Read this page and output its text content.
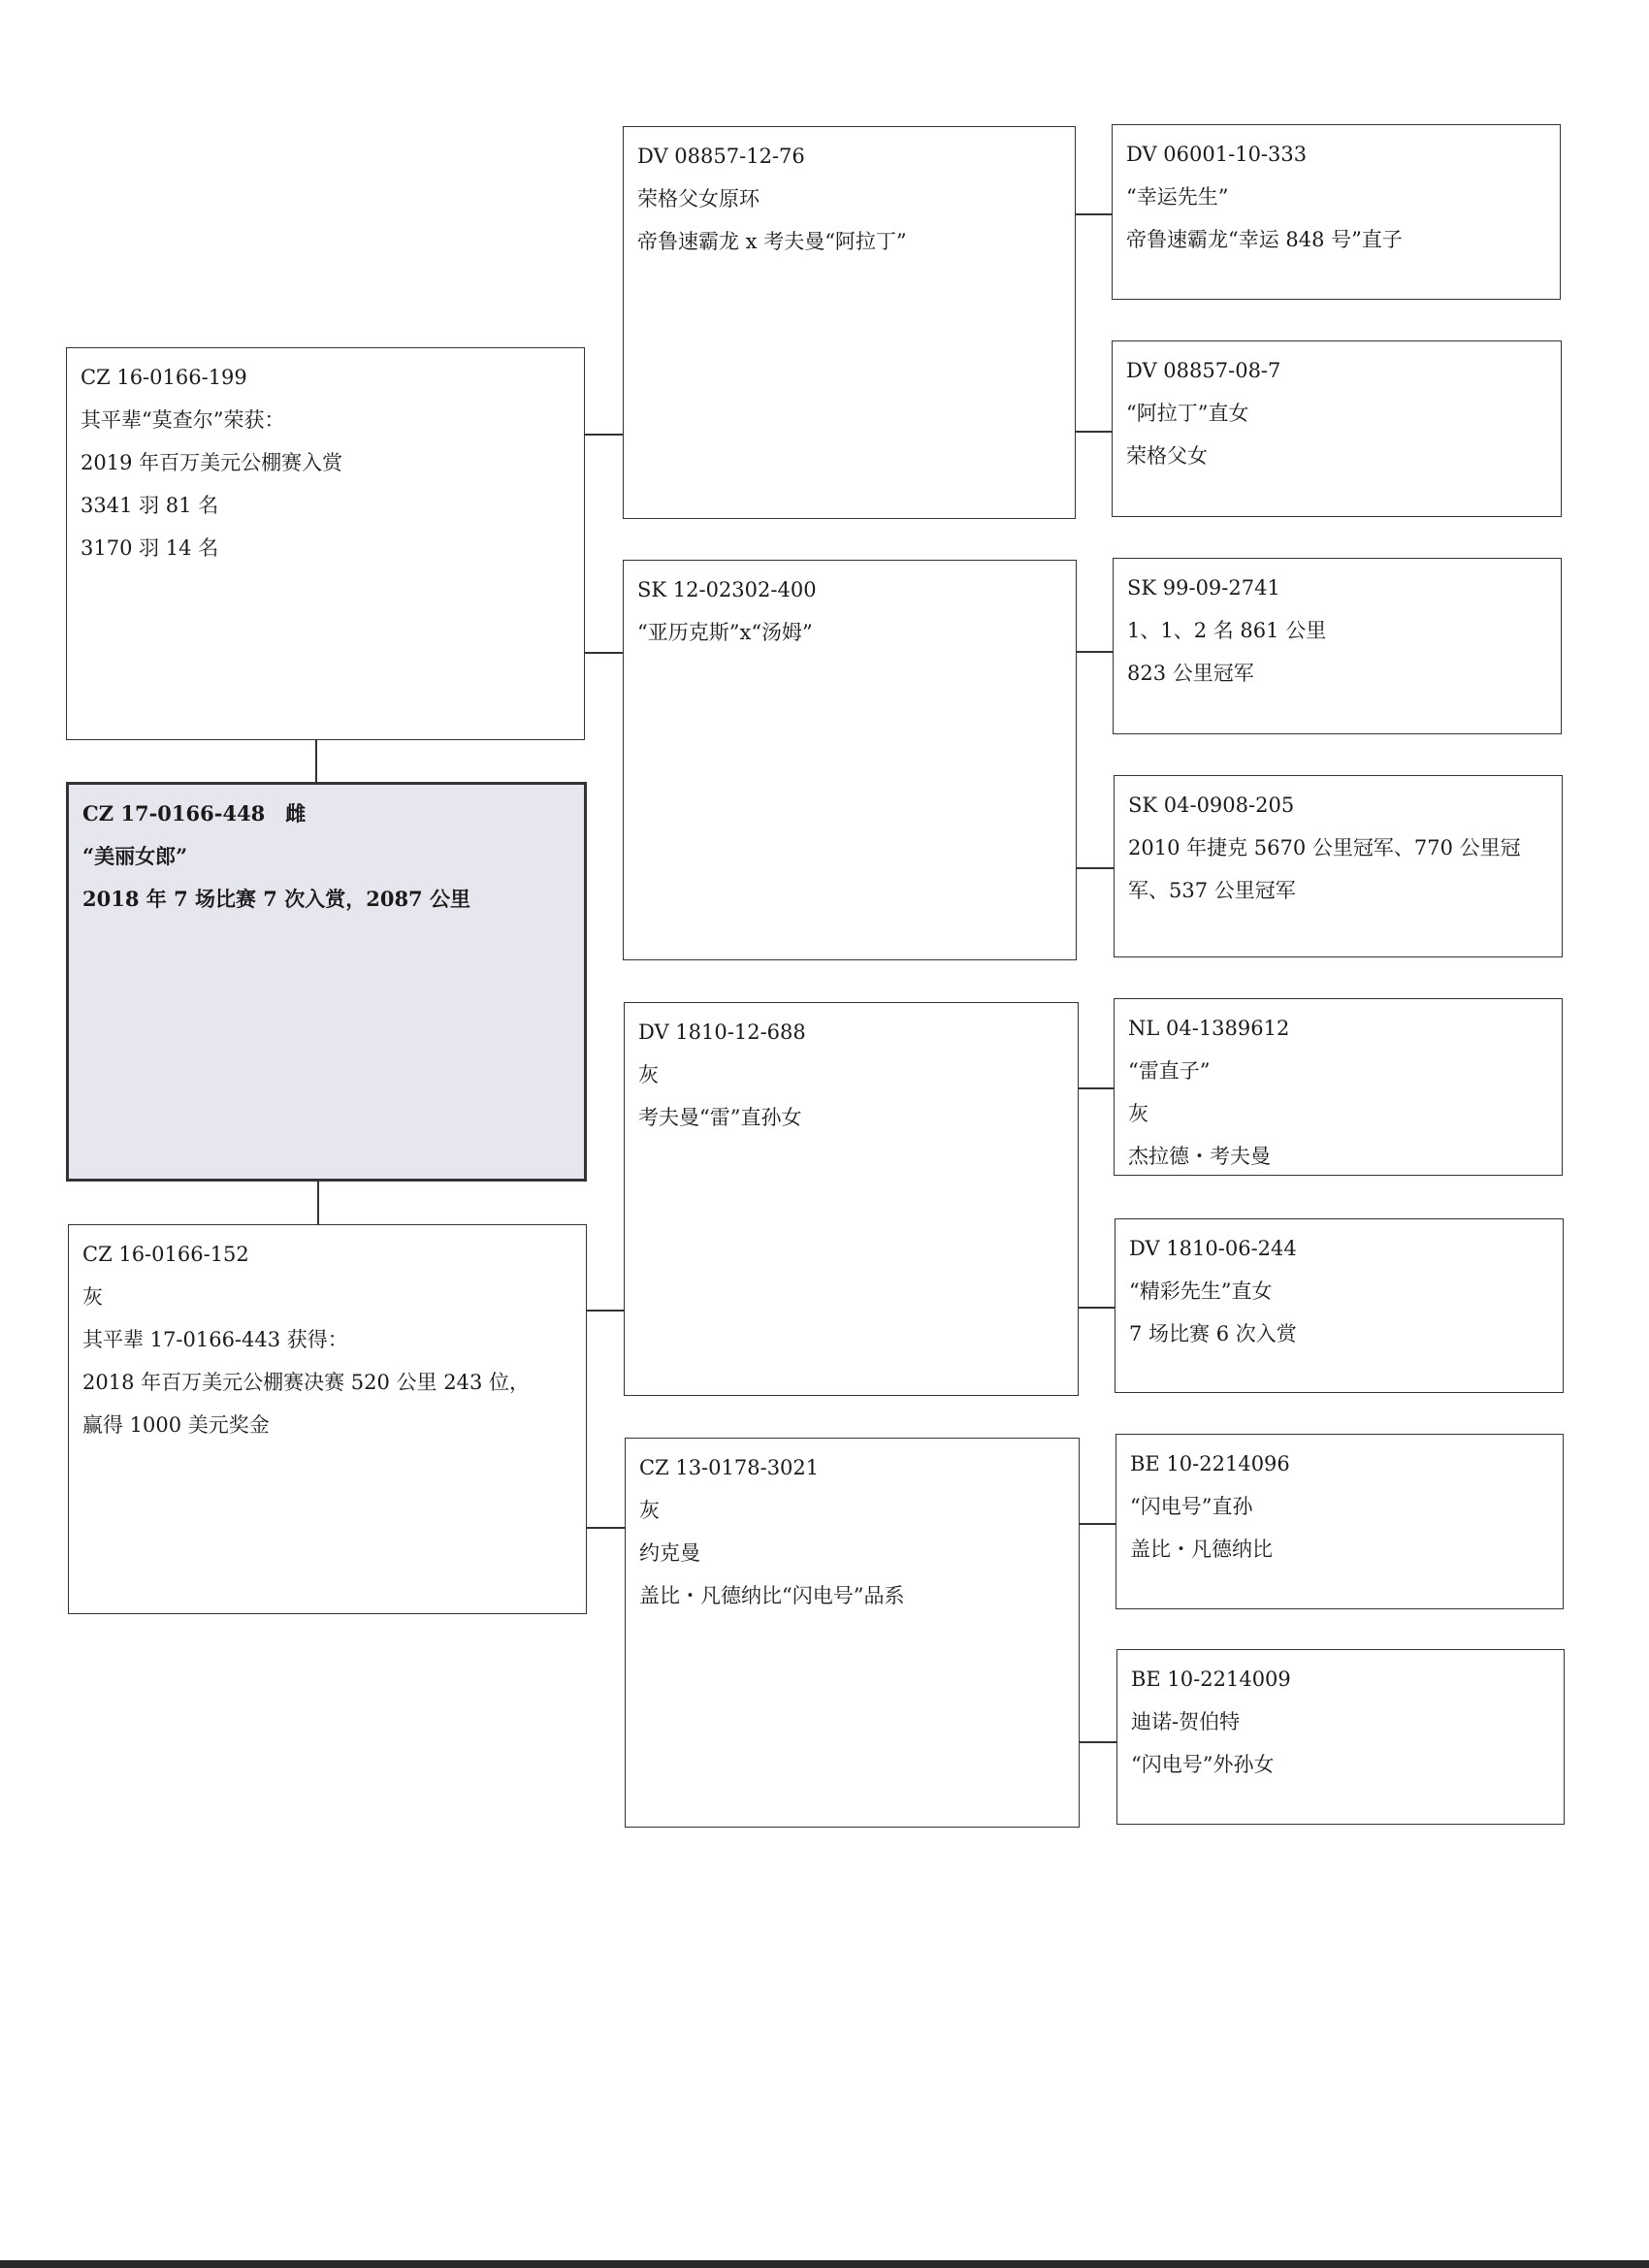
CZ 16-0166-199
其平辈“莫查尔”荣获：
2019 年百万美元公棚赛入赏
3341 羽 81 名
3170 羽 14 名
CZ 17-0166-448　雌
“美丽女郎”
2018 年 7 场比赛 7 次入赏，2087 公里
CZ 16-0166-152
灰
其平辈 17-0166-443 获得：
2018 年百万美元公棚赛决赛 520 公里 243 位，
赢得 1000 美元奖金
DV 08857-12-76
荣格父女原环
帝鲁速霸龙 x 考夫曼“阿拉丁”
SK 12-02302-400
“亚历克斯”x“汤姆”
DV 1810-12-688
灰
考夫曼“雷”直孙女
CZ 13-0178-3021
灰
约克曼
盖比・凡德纳比“闪电号”品系
DV 06001-10-333
“幸运先生”
帝鲁速霸龙“幸运 848 号”直子
DV 08857-08-7
“阿拉丁”直女
荣格父女
SK 99-09-2741
1、1、2 名 861 公里
823 公里冠军
SK 04-0908-205
2010 年捷克 5670 公里冠军、770 公里冠
军、537 公里冠军
NL 04-1389612
“雷直子”
灰
杰拉德・考夫曼
DV 1810-06-244
“精彩先生”直女
7 场比赛 6 次入赏
BE 10-2214096
“闪电号”直孙
盖比・凡德纳比
BE 10-2214009
迪诺-贺伯特
“闪电号”外孙女
